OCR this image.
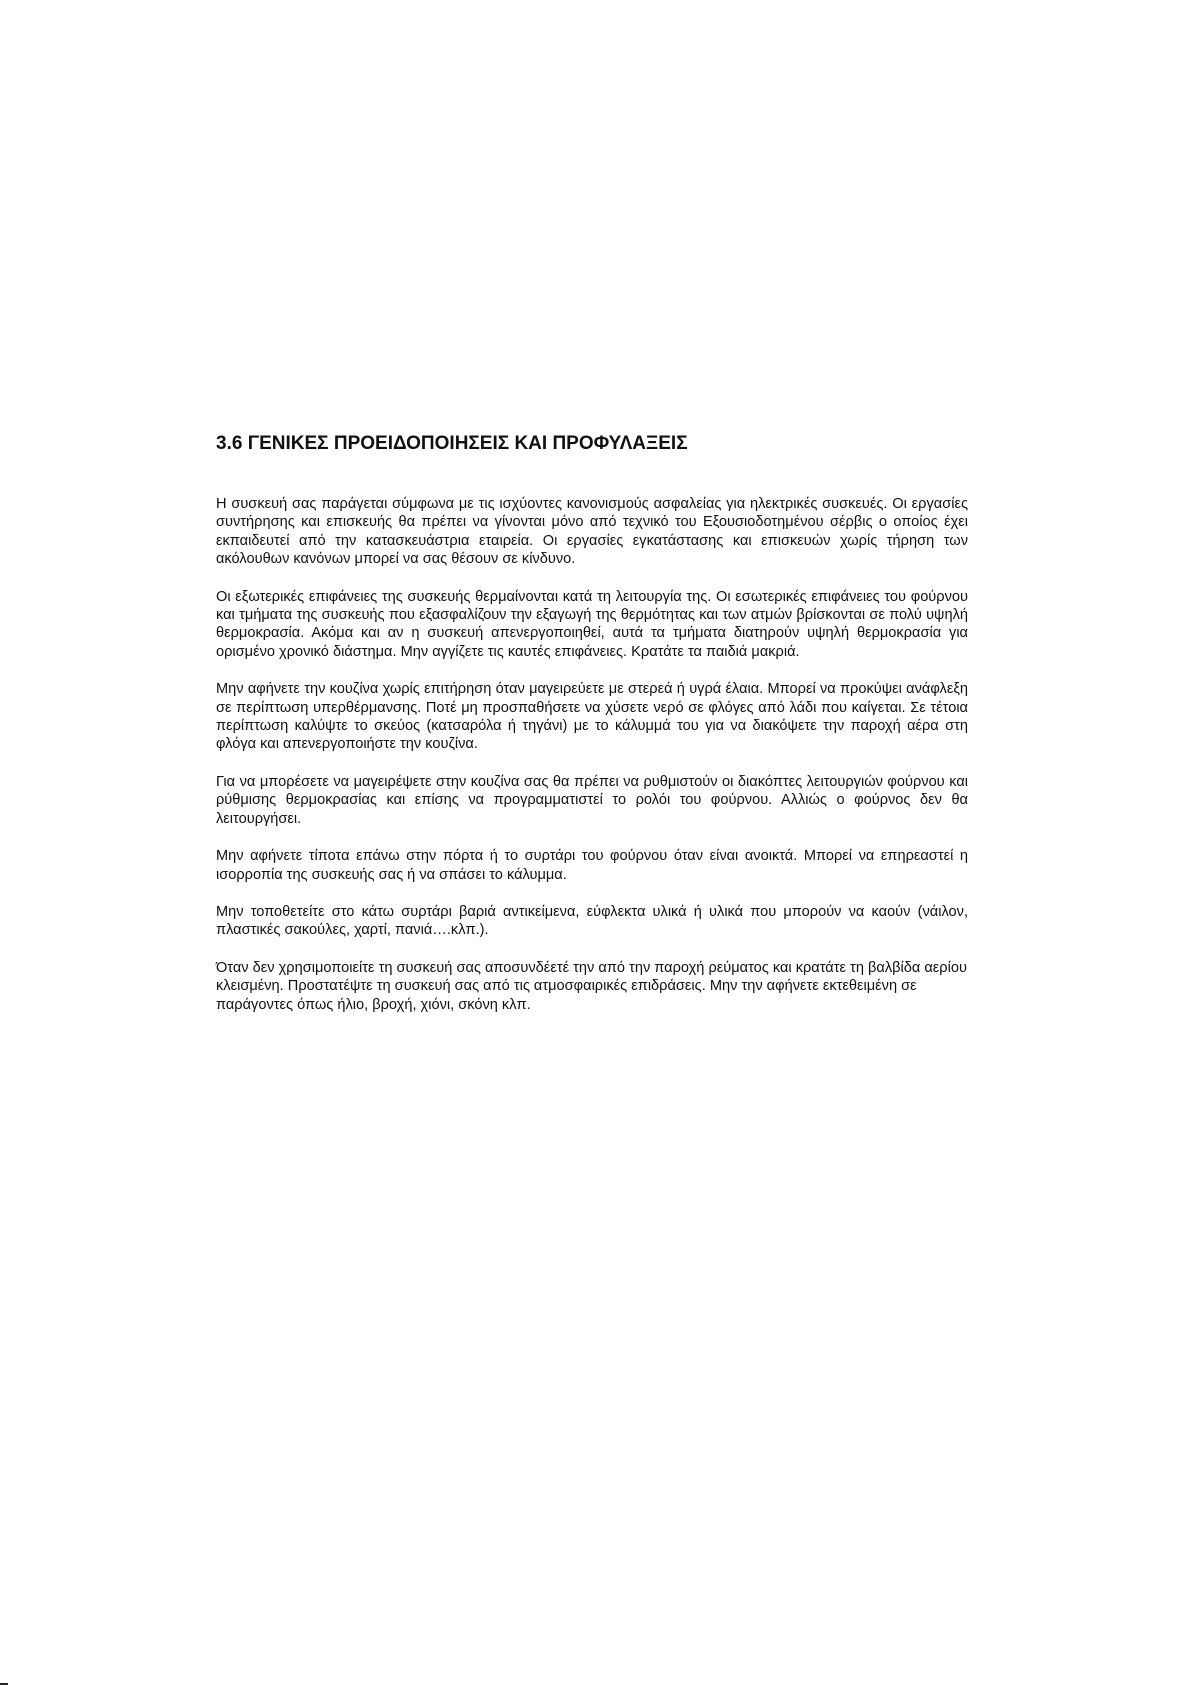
3.6 ΓΕΝΙΚΕΣ ΠΡΟΕΙΔΟΠΟΙΗΣΕΙΣ ΚΑΙ ΠΡΟΦΥΛΑΞΕΙΣ

Η συσκευή σας παράγεται σύμφωνα με τις ισχύοντες κανονισμούς ασφαλείας για ηλεκτρικές συσκευές. Οι εργασίες συντήρησης και επισκευής θα πρέπει να γίνονται μόνο από τεχνικό του Εξουσιοδοτημένου σέρβις ο οποίος έχει εκπαιδευτεί από την κατασκευάστρια εταιρεία. Οι εργασίες εγκατάστασης και επισκευών χωρίς τήρηση των ακόλουθων κανόνων μπορεί να σας θέσουν σε κίνδυνο.

Οι εξωτερικές επιφάνειες της συσκευής θερμαίνονται κατά τη λειτουργία της. Οι εσωτερικές επιφάνειες του φούρνου και τμήματα της συσκευής που εξασφαλίζουν την εξαγωγή της θερμότητας και των ατμών βρίσκονται σε πολύ υψηλή θερμοκρασία. Ακόμα και αν η συσκευή απενεργοποιηθεί, αυτά τα τμήματα διατηρούν υψηλή θερμοκρασία για ορισμένο χρονικό διάστημα. Μην αγγίζετε τις καυτές επιφάνειες. Κρατάτε τα παιδιά μακριά.

Μην αφήνετε την κουζίνα χωρίς επιτήρηση όταν μαγειρεύετε με στερεά ή υγρά έλαια. Μπορεί να προκύψει ανάφλεξη σε περίπτωση υπερθέρμανσης. Ποτέ μη προσπαθήσετε να χύσετε νερό σε φλόγες από λάδι που καίγεται. Σε τέτοια περίπτωση καλύψτε το σκεύος (κατσαρόλα ή τηγάνι) με το κάλυμμά του για να διακόψετε την παροχή αέρα στη φλόγα και απενεργοποιήστε την κουζίνα.

Για να μπορέσετε να μαγειρέψετε στην κουζίνα σας θα πρέπει να ρυθμιστούν οι διακόπτες λειτουργιών φούρνου και ρύθμισης θερμοκρασίας και επίσης να προγραμματιστεί το ρολόι του φούρνου. Αλλιώς ο φούρνος δεν θα λειτουργήσει.

Μην αφήνετε τίποτα επάνω στην πόρτα ή το συρτάρι του φούρνου όταν είναι ανοικτά. Μπορεί να επηρεαστεί η ισορροπία της συσκευής σας ή να σπάσει το κάλυμμα.

Μην τοποθετείτε στο κάτω συρτάρι βαριά αντικείμενα, εύφλεκτα υλικά ή υλικά που μπορούν να καούν (νάιλον, πλαστικές σακούλες, χαρτί, πανιά….κλπ.).

Όταν δεν χρησιμοποιείτε τη συσκευή σας αποσυνδέετέ την από την παροχή ρεύματος και κρατάτε τη βαλβίδα αερίου κλεισμένη. Προστατέψτε τη συσκευή σας από τις ατμοσφαιρικές επιδράσεις. Μην την αφήνετε εκτεθειμένη σε παράγοντες όπως ήλιο, βροχή, χιόνι, σκόνη κλπ.
